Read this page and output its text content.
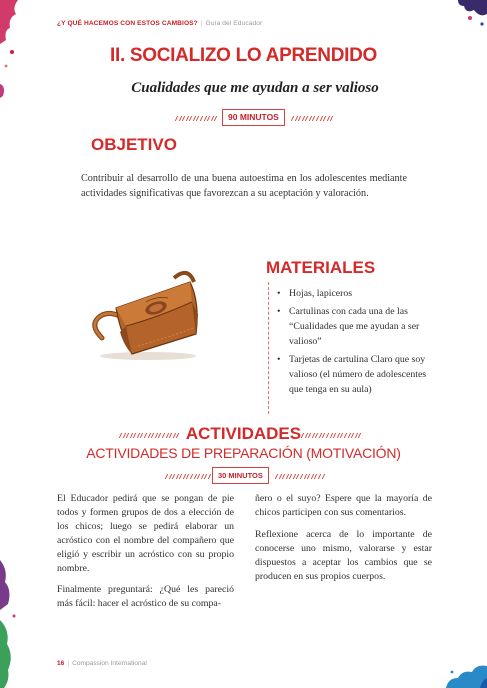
¿Y QUÉ HACEMOS CON ESTOS CAMBIOS? | Guía del Educador
II. SOCIALIZO LO APRENDIDO
Cualidades que me ayudan a ser valioso
90 MINUTOS
OBJETIVO
Contribuir al desarrollo de una buena autoestima en los adolescentes mediante actividades significativas que favorezcan a su aceptación y valoración.
MATERIALES
• Hojas, lapiceros
• Cartulinas con cada una de las “Cualidades que me ayudan a ser valioso”
• Tarjetas de cartulina Claro que soy valioso (el número de adolescentes que tenga en su aula)
ACTIVIDADES
ACTIVIDADES DE PREPARACIÓN (MOTIVACIÓN)
30 MINUTOS

El Educador pedirá que se pongan de pie todos y formen grupos de dos a elección de los chicos; luego se pedirá elaborar un acróstico con el nombre del compañero que eligió y escribir un acróstico con su propio nombre.

Finalmente preguntará: ¿Qué les pareció más fácil: hacer el acróstico de su compa-

ñero o el suyo? Espere que la mayoría de chicos participen con sus comentarios.

Reflexione acerca de lo importante de conocerse uno mismo, valorarse y estar dispuestos a aceptar los cambios que se producen en sus propios cuerpos.

16 | Compassion International
